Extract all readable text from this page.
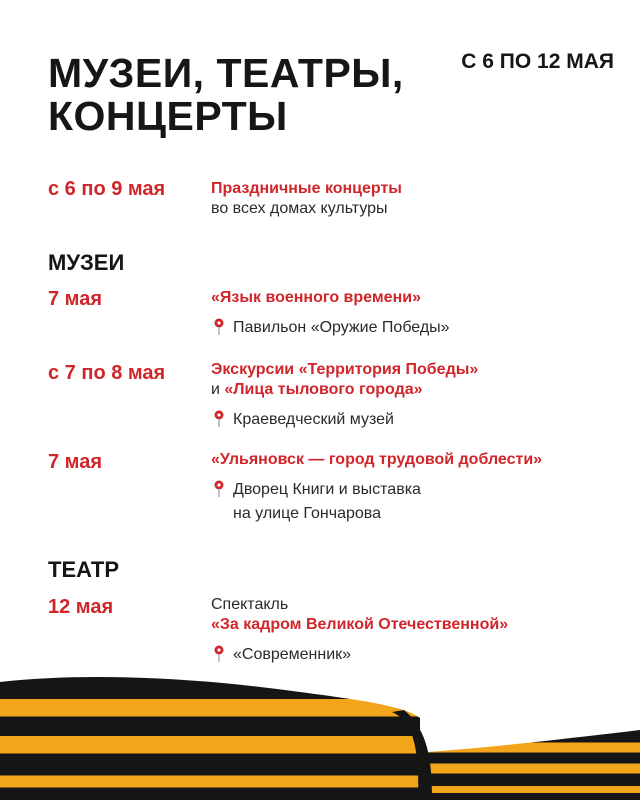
МУЗЕИ, ТЕАТРЫ,
КОНЦЕРТЫ
С 6 ПО 12 МАЯ
с 6 по 9 мая	Праздничные концерты
во всех домах культуры
МУЗЕИ
7 мая	«Язык военного времени»
Павильон «Оружие Победы»
с 7 по 8 мая	Экскурсии «Территория Победы»
и «Лица тылового города»
Краеведческий музей
7 мая	«Ульяновск — город трудовой доблести»
Дворец Книги и выставка
на улице Гончарова
ТЕАТР
12 мая	Спектакль
«За кадром Великой Отечественной»
«Современник»
